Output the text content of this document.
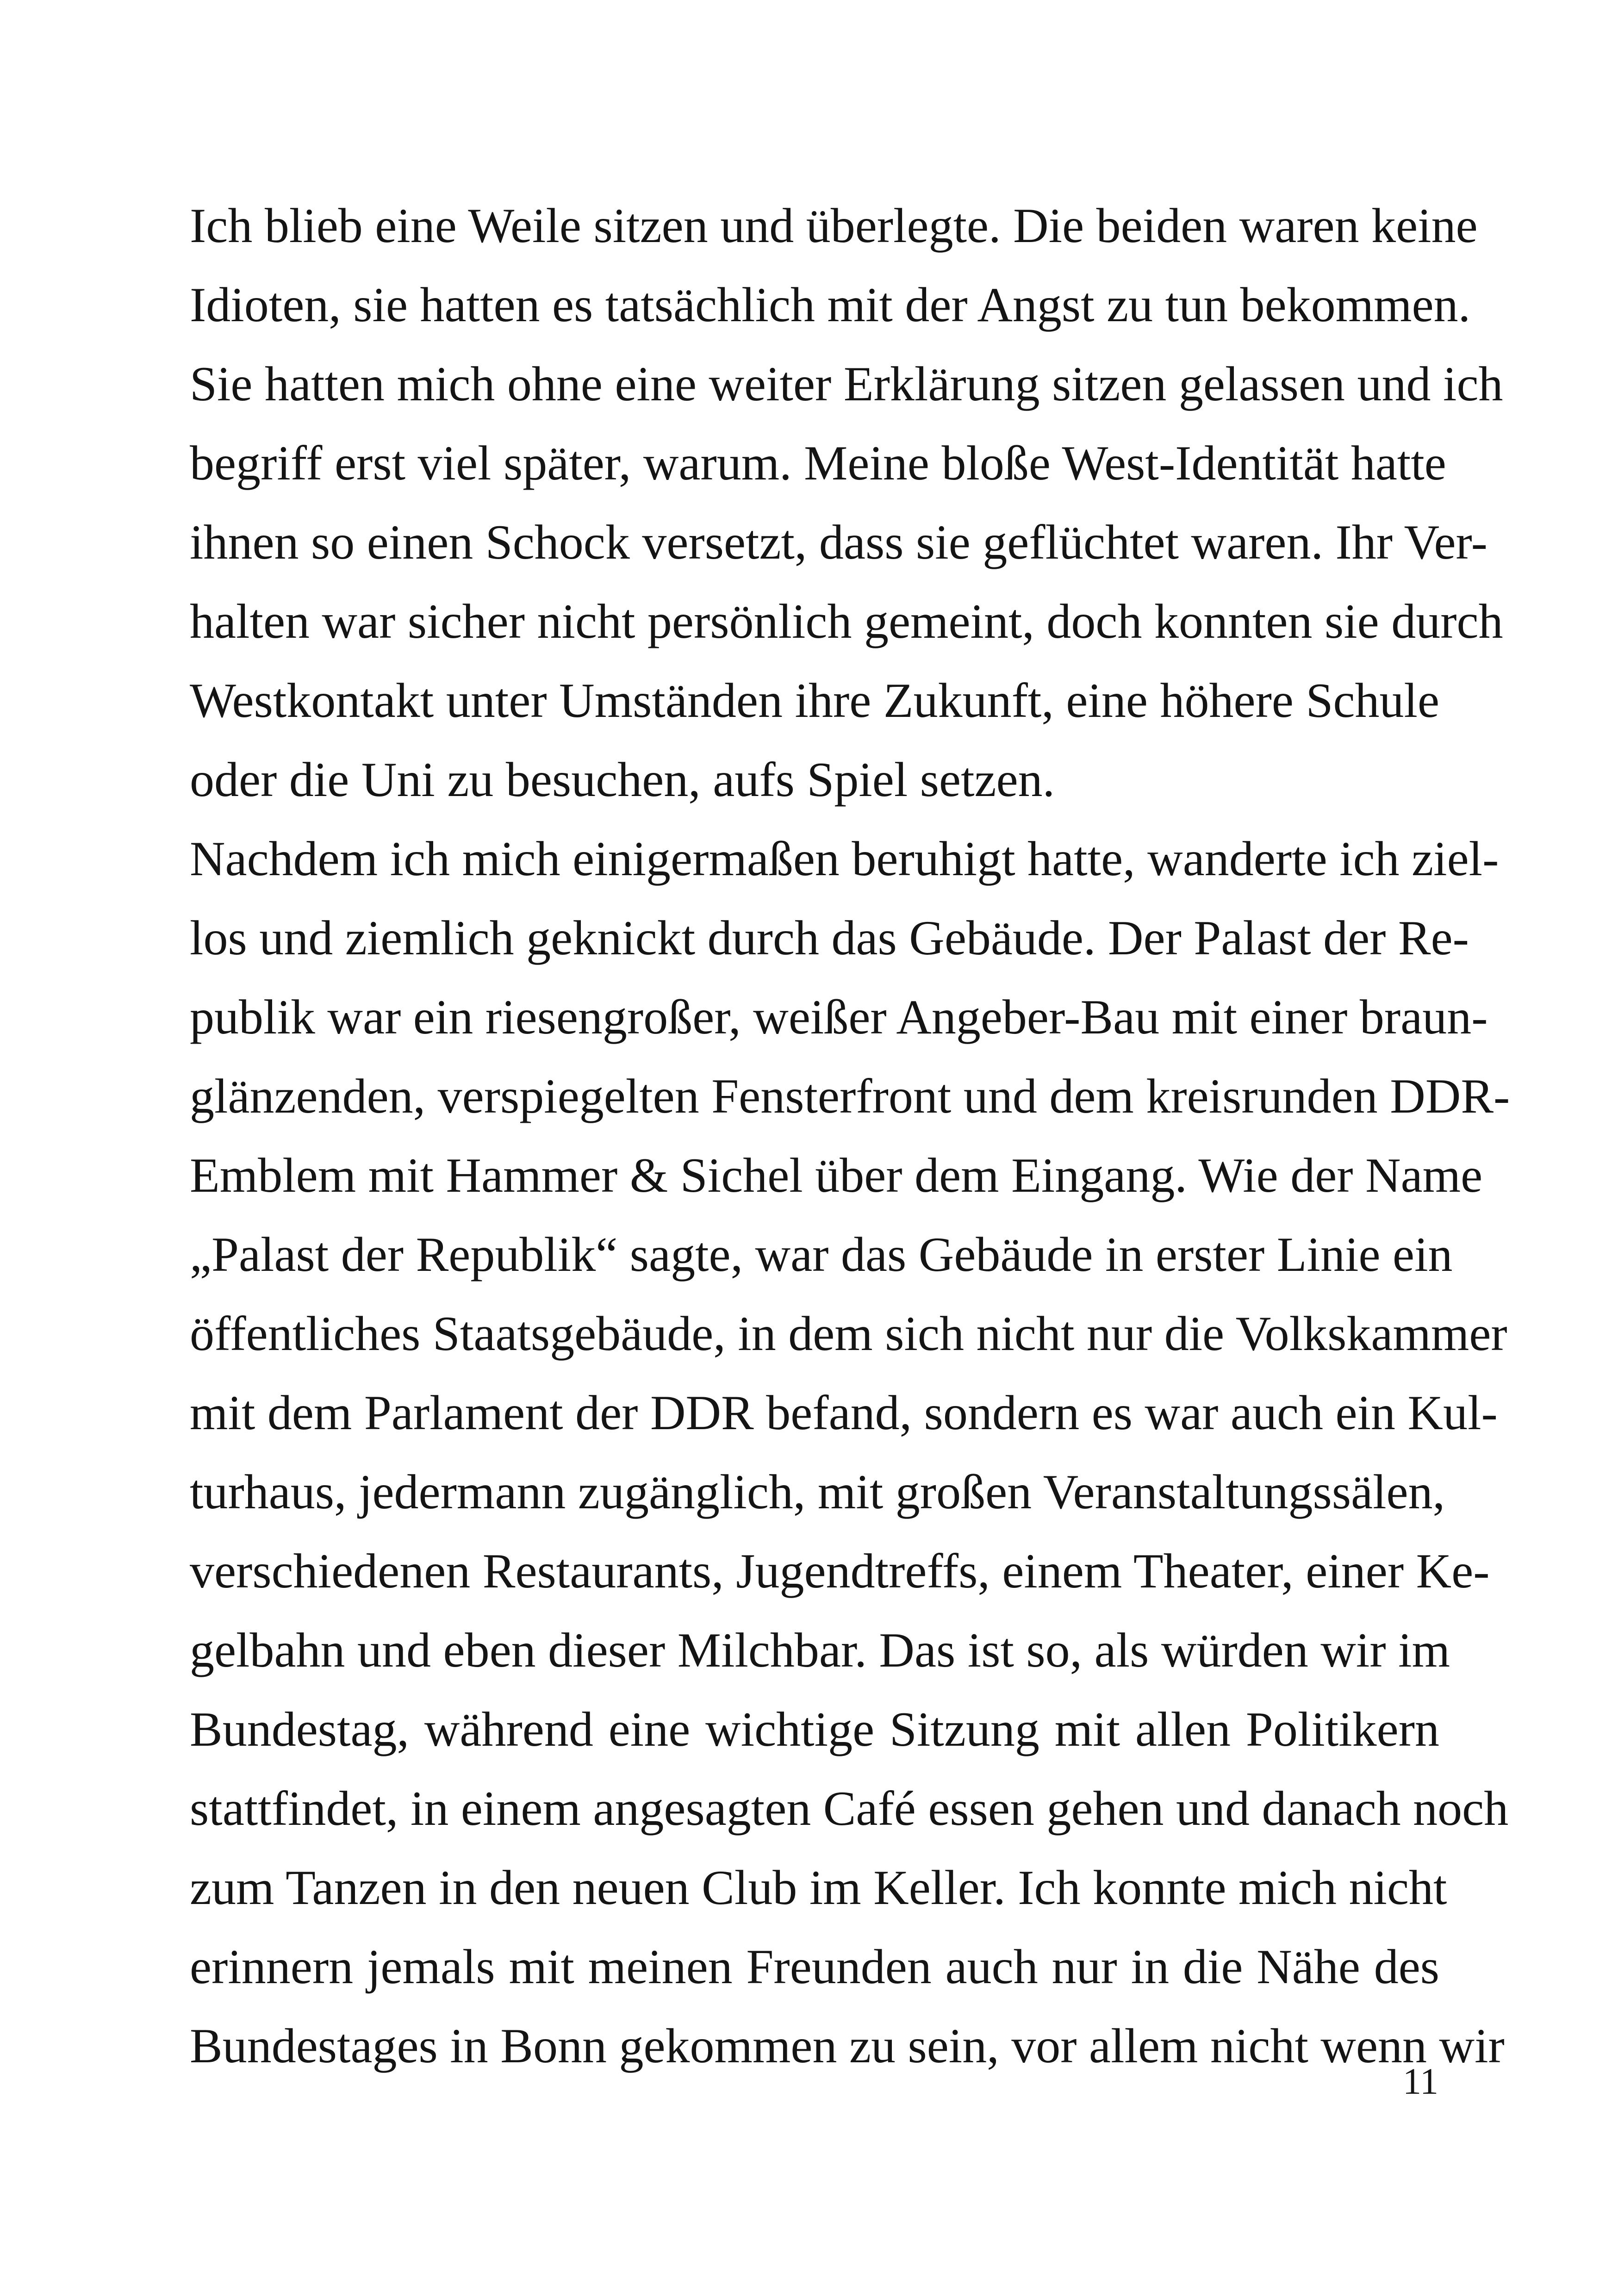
Ich blieb eine Weile sitzen und überlegte. Die beiden waren keine
Idioten, sie hatten es tatsächlich mit der Angst zu tun bekommen.
Sie hatten mich ohne eine weiter Erklärung sitzen gelassen und ich
begriff erst viel später, warum. Meine bloße West-Identität hatte
ihnen so einen Schock versetzt, dass sie geflüchtet waren. Ihr Ver-
halten war sicher nicht persönlich gemeint, doch konnten sie durch
Westkontakt unter Umständen ihre Zukunft, eine höhere Schule
oder die Uni zu besuchen, aufs Spiel setzen.
Nachdem ich mich einigermaßen beruhigt hatte, wanderte ich ziel-
los und ziemlich geknickt durch das Gebäude. Der Palast der Re-
publik war ein riesengroßer, weißer Angeber-Bau mit einer braun-
glänzenden, verspiegelten Fensterfront und dem kreisrunden DDR-
Emblem mit Hammer & Sichel über dem Eingang. Wie der Name
„Palast der Republik“ sagte, war das Gebäude in erster Linie ein
öffentliches Staatsgebäude, in dem sich nicht nur die Volkskammer
mit dem Parlament der DDR befand, sondern es war auch ein Kul-
turhaus, jedermann zugänglich, mit großen Veranstaltungssälen,
verschiedenen Restaurants, Jugendtreffs, einem Theater, einer Ke-
gelbahn und eben dieser Milchbar. Das ist so, als würden wir im
Bundestag, während eine wichtige Sitzung mit allen Politikern
stattfindet, in einem angesagten Café essen gehen und danach noch
zum Tanzen in den neuen Club im Keller. Ich konnte mich nicht
erinnern jemals mit meinen Freunden auch nur in die Nähe des
Bundestages in Bonn gekommen zu sein, vor allem nicht wenn wir
11
